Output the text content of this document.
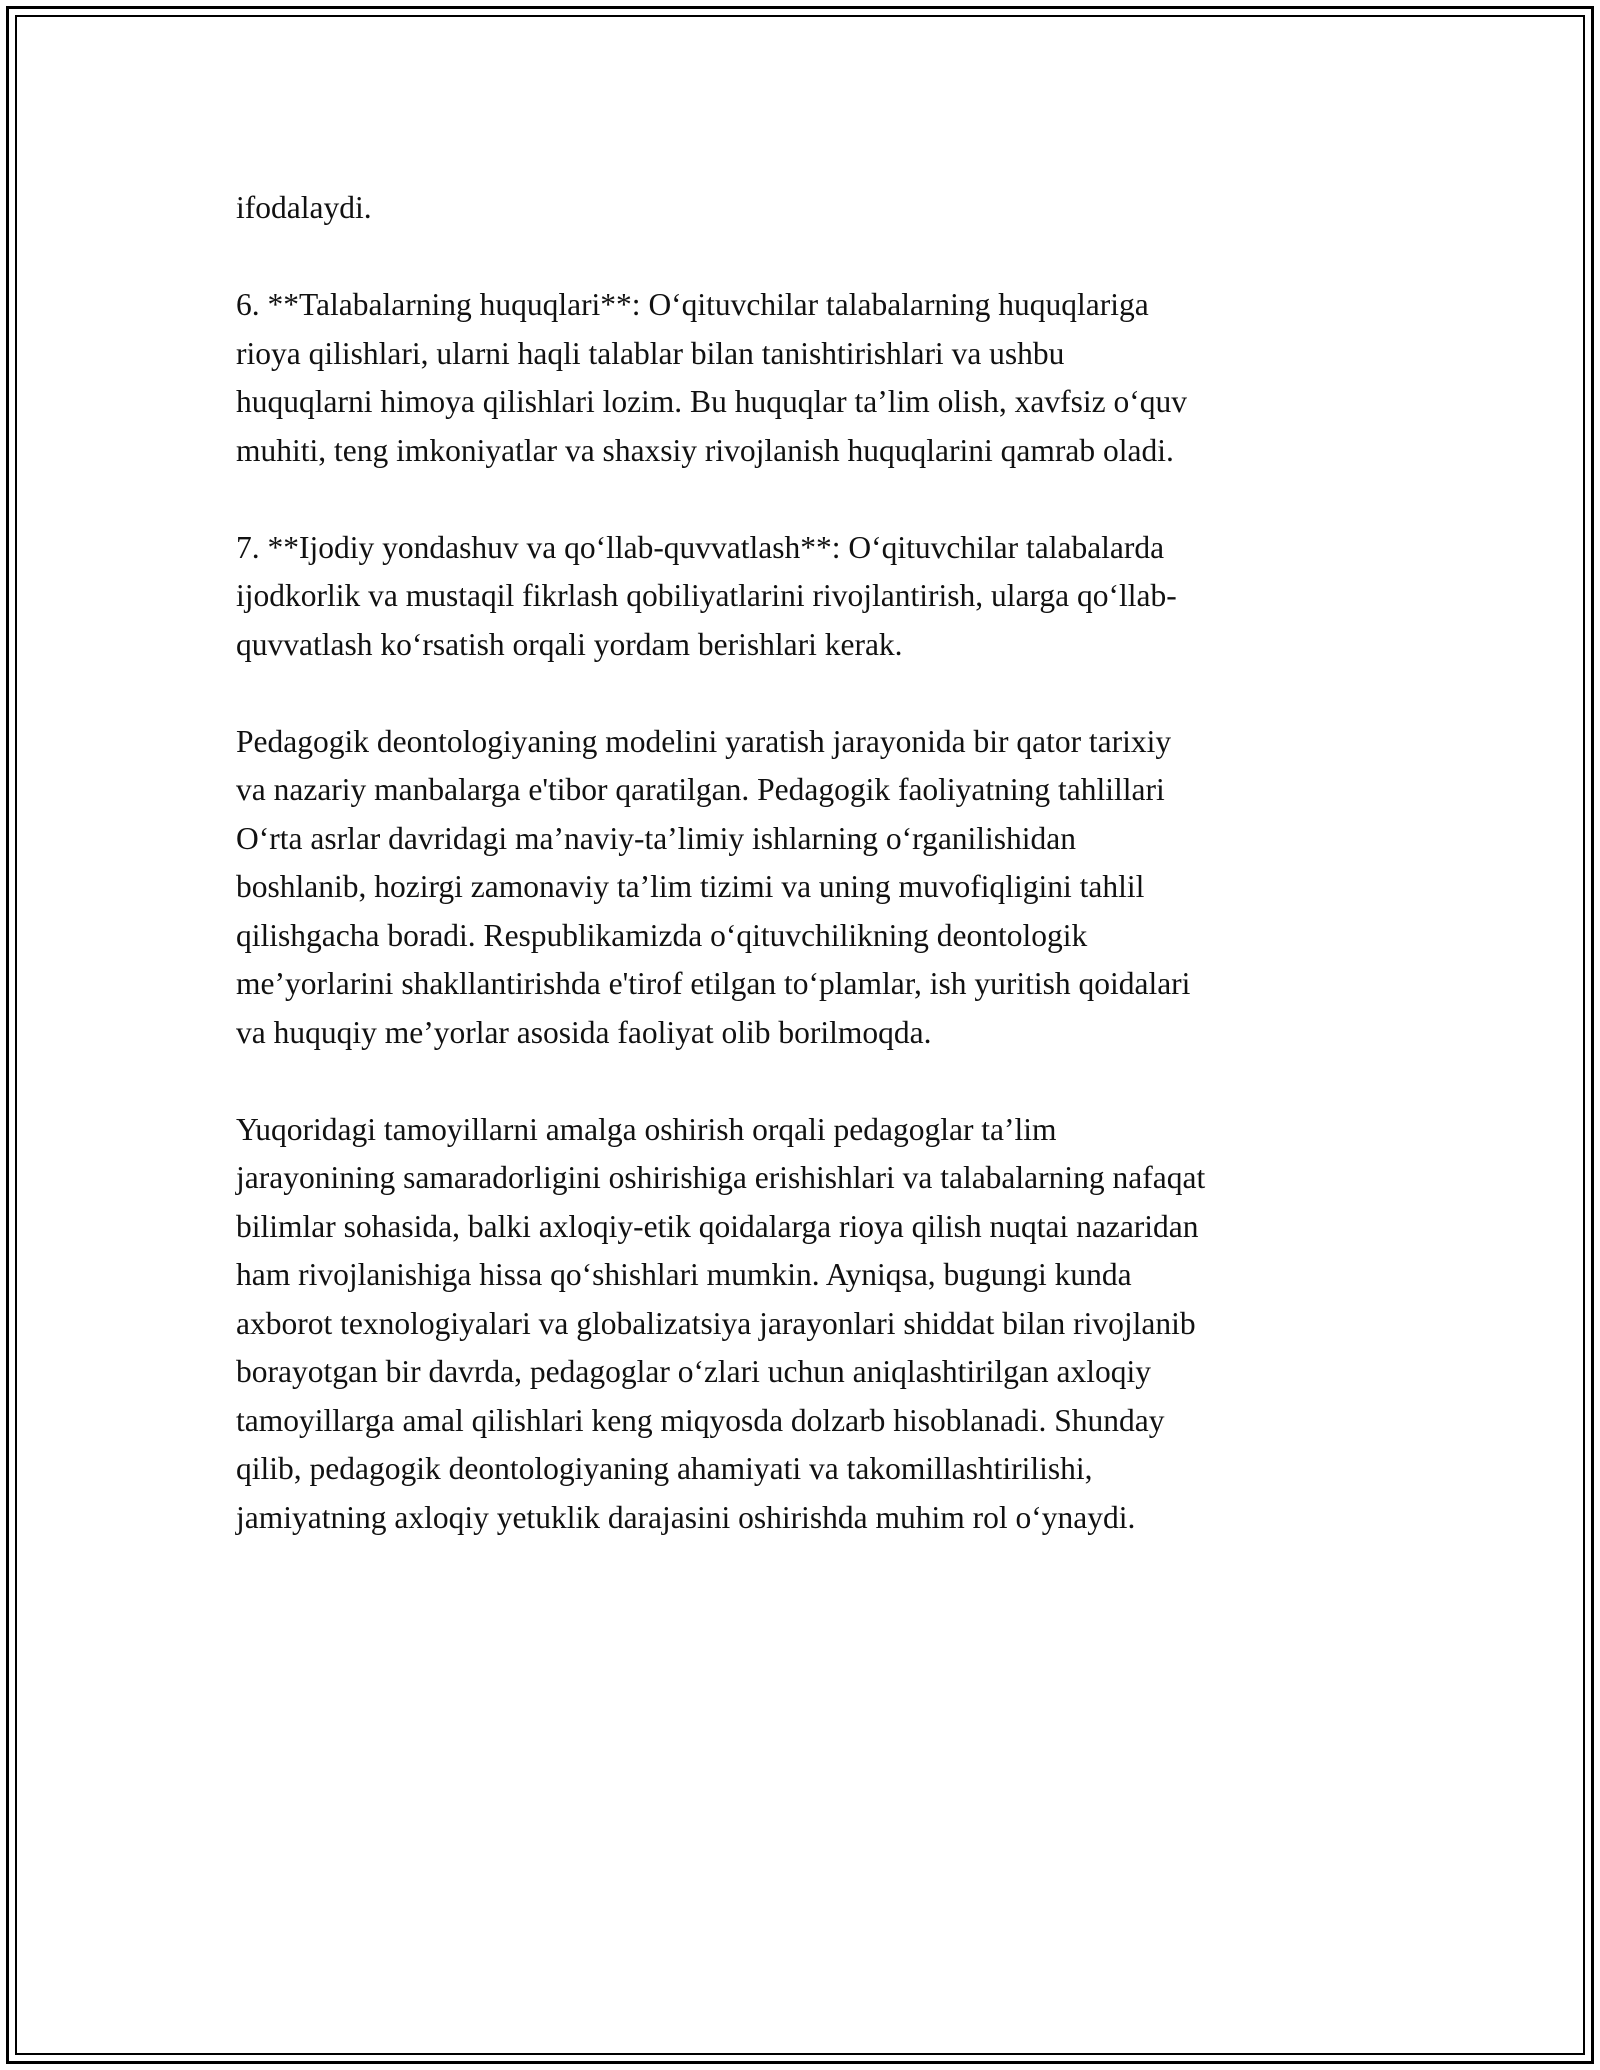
ifodalaydi.

6. **Talabalarning huquqlari**: O‘qituvchilar talabalarning huquqlariga
rioya qilishlari, ularni haqli talablar bilan tanishtirishlari va ushbu
huquqlarni himoya qilishlari lozim. Bu huquqlar ta’lim olish, xavfsiz o‘quv
muhiti, teng imkoniyatlar va shaxsiy rivojlanish huquqlarini qamrab oladi.

7. **Ijodiy yondashuv va qo‘llab-quvvatlash**: O‘qituvchilar talabalarda
ijodkorlik va mustaqil fikrlash qobiliyatlarini rivojlantirish, ularga qo‘llab-
quvvatlash ko‘rsatish orqali yordam berishlari kerak.

Pedagogik deontologiyaning modelini yaratish jarayonida bir qator tarixiy
va nazariy manbalarga e'tibor qaratilgan. Pedagogik faoliyatning tahlillari
O‘rta asrlar davridagi ma’naviy-ta’limiy ishlarning o‘rganilishidan
boshlanib, hozirgi zamonaviy ta’lim tizimi va uning muvofiqligini tahlil
qilishgacha boradi. Respublikamizda o‘qituvchilikning deontologik
me’yorlarini shakllantirishda e'tirof etilgan to‘plamlar, ish yuritish qoidalari
va huquqiy me’yorlar asosida faoliyat olib borilmoqda.

Yuqoridagi tamoyillarni amalga oshirish orqali pedagoglar ta’lim
jarayonining samaradorligini oshirishiga erishishlari va talabalarning nafaqat
bilimlar sohasida, balki axloqiy-etik qoidalarga rioya qilish nuqtai nazaridan
ham rivojlanishiga hissa qo‘shishlari mumkin. Ayniqsa, bugungi kunda
axborot texnologiyalari va globalizatsiya jarayonlari shiddat bilan rivojlanib
borayotgan bir davrda, pedagoglar o‘zlari uchun aniqlashtirilgan axloqiy
tamoyillarga amal qilishlari keng miqyosda dolzarb hisoblanadi. Shunday
qilib, pedagogik deontologiyaning ahamiyati va takomillashtirilishi,
jamiyatning axloqiy yetuklik darajasini oshirishda muhim rol o‘ynaydi.
